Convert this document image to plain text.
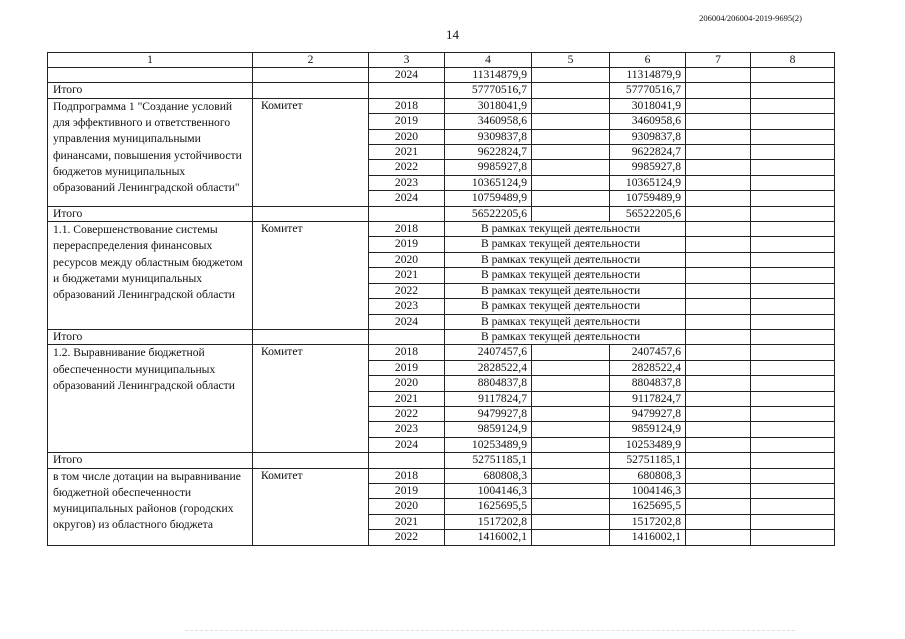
206004/206004-2019-9695(2)
14
1	2	3	4	5	6	7	8
		2024	11314879,9		11314879,9		
Итого			57770516,7		57770516,7		
Подпрограмма 1 "Создание условий для эффективного и ответственного управления муниципальными финансами, повышения устойчивости бюджетов муниципальных образований Ленинградской области"	Комитет	2018	3018041,9		3018041,9		
		2019	3460958,6		3460958,6		
		2020	9309837,8		9309837,8		
		2021	9622824,7		9622824,7		
		2022	9985927,8		9985927,8		
		2023	10365124,9		10365124,9		
		2024	10759489,9		10759489,9		
Итого			56522205,6		56522205,6		
1.1. Совершенствование системы перераспределения финансовых ресурсов между областным бюджетом и бюджетами муниципальных образований Ленинградской области	Комитет	2018	В рамках текущей деятельности				
		2019	В рамках текущей деятельности				
		2020	В рамках текущей деятельности				
		2021	В рамках текущей деятельности				
		2022	В рамках текущей деятельности				
		2023	В рамках текущей деятельности				
		2024	В рамках текущей деятельности				
Итого			В рамках текущей деятельности				
1.2. Выравнивание бюджетной обеспеченности муниципальных образований Ленинградской области	Комитет	2018	2407457,6		2407457,6		
		2019	2828522,4		2828522,4		
		2020	8804837,8		8804837,8		
		2021	9117824,7		9117824,7		
		2022	9479927,8		9479927,8		
		2023	9859124,9		9859124,9		
		2024	10253489,9		10253489,9		
Итого			52751185,1		52751185,1		
в том числе дотации на выравнивание бюджетной обеспеченности муниципальных районов (городских округов) из областного бюджета	Комитет	2018	680808,3		680808,3		
		2019	1004146,3		1004146,3		
		2020	1625695,5		1625695,5		
		2021	1517202,8		1517202,8		
		2022	1416002,1		1416002,1		
